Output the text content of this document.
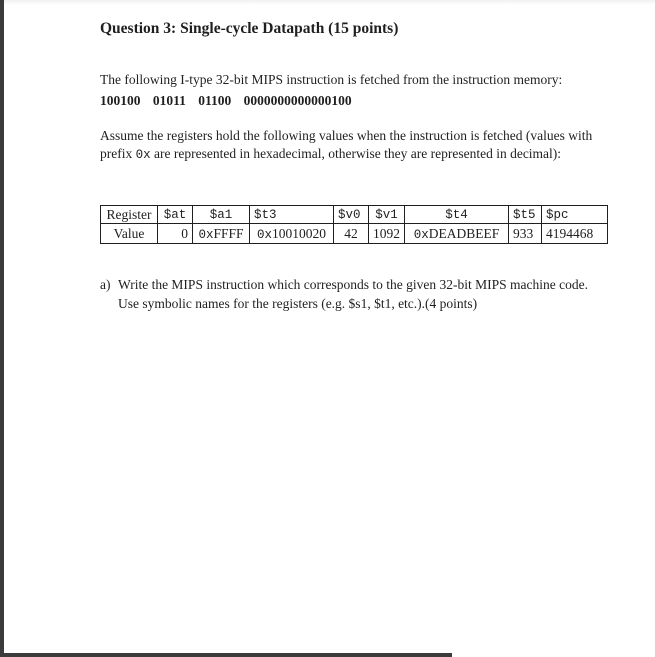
Question 3: Single-cycle Datapath (15 points)

The following I-type 32-bit MIPS instruction is fetched from the instruction memory:

100100 01011 01100 0000000000000100

Assume the registers hold the following values when the instruction is fetched (values with
prefix 0x are represented in hexadecimal, otherwise they are represented in decimal):

Register	$at	$a1	$t3	$v0	$v1	$t4	$t5	$pc
Value	0	0xFFFF	0x10010020	42	1092	0xDEADBEEF	933	4194468
a) Write the MIPS instruction which corresponds to the given 32-bit MIPS machine code.
Use symbolic names for the registers (e.g. $s1, $t1, etc.).(4 points)
